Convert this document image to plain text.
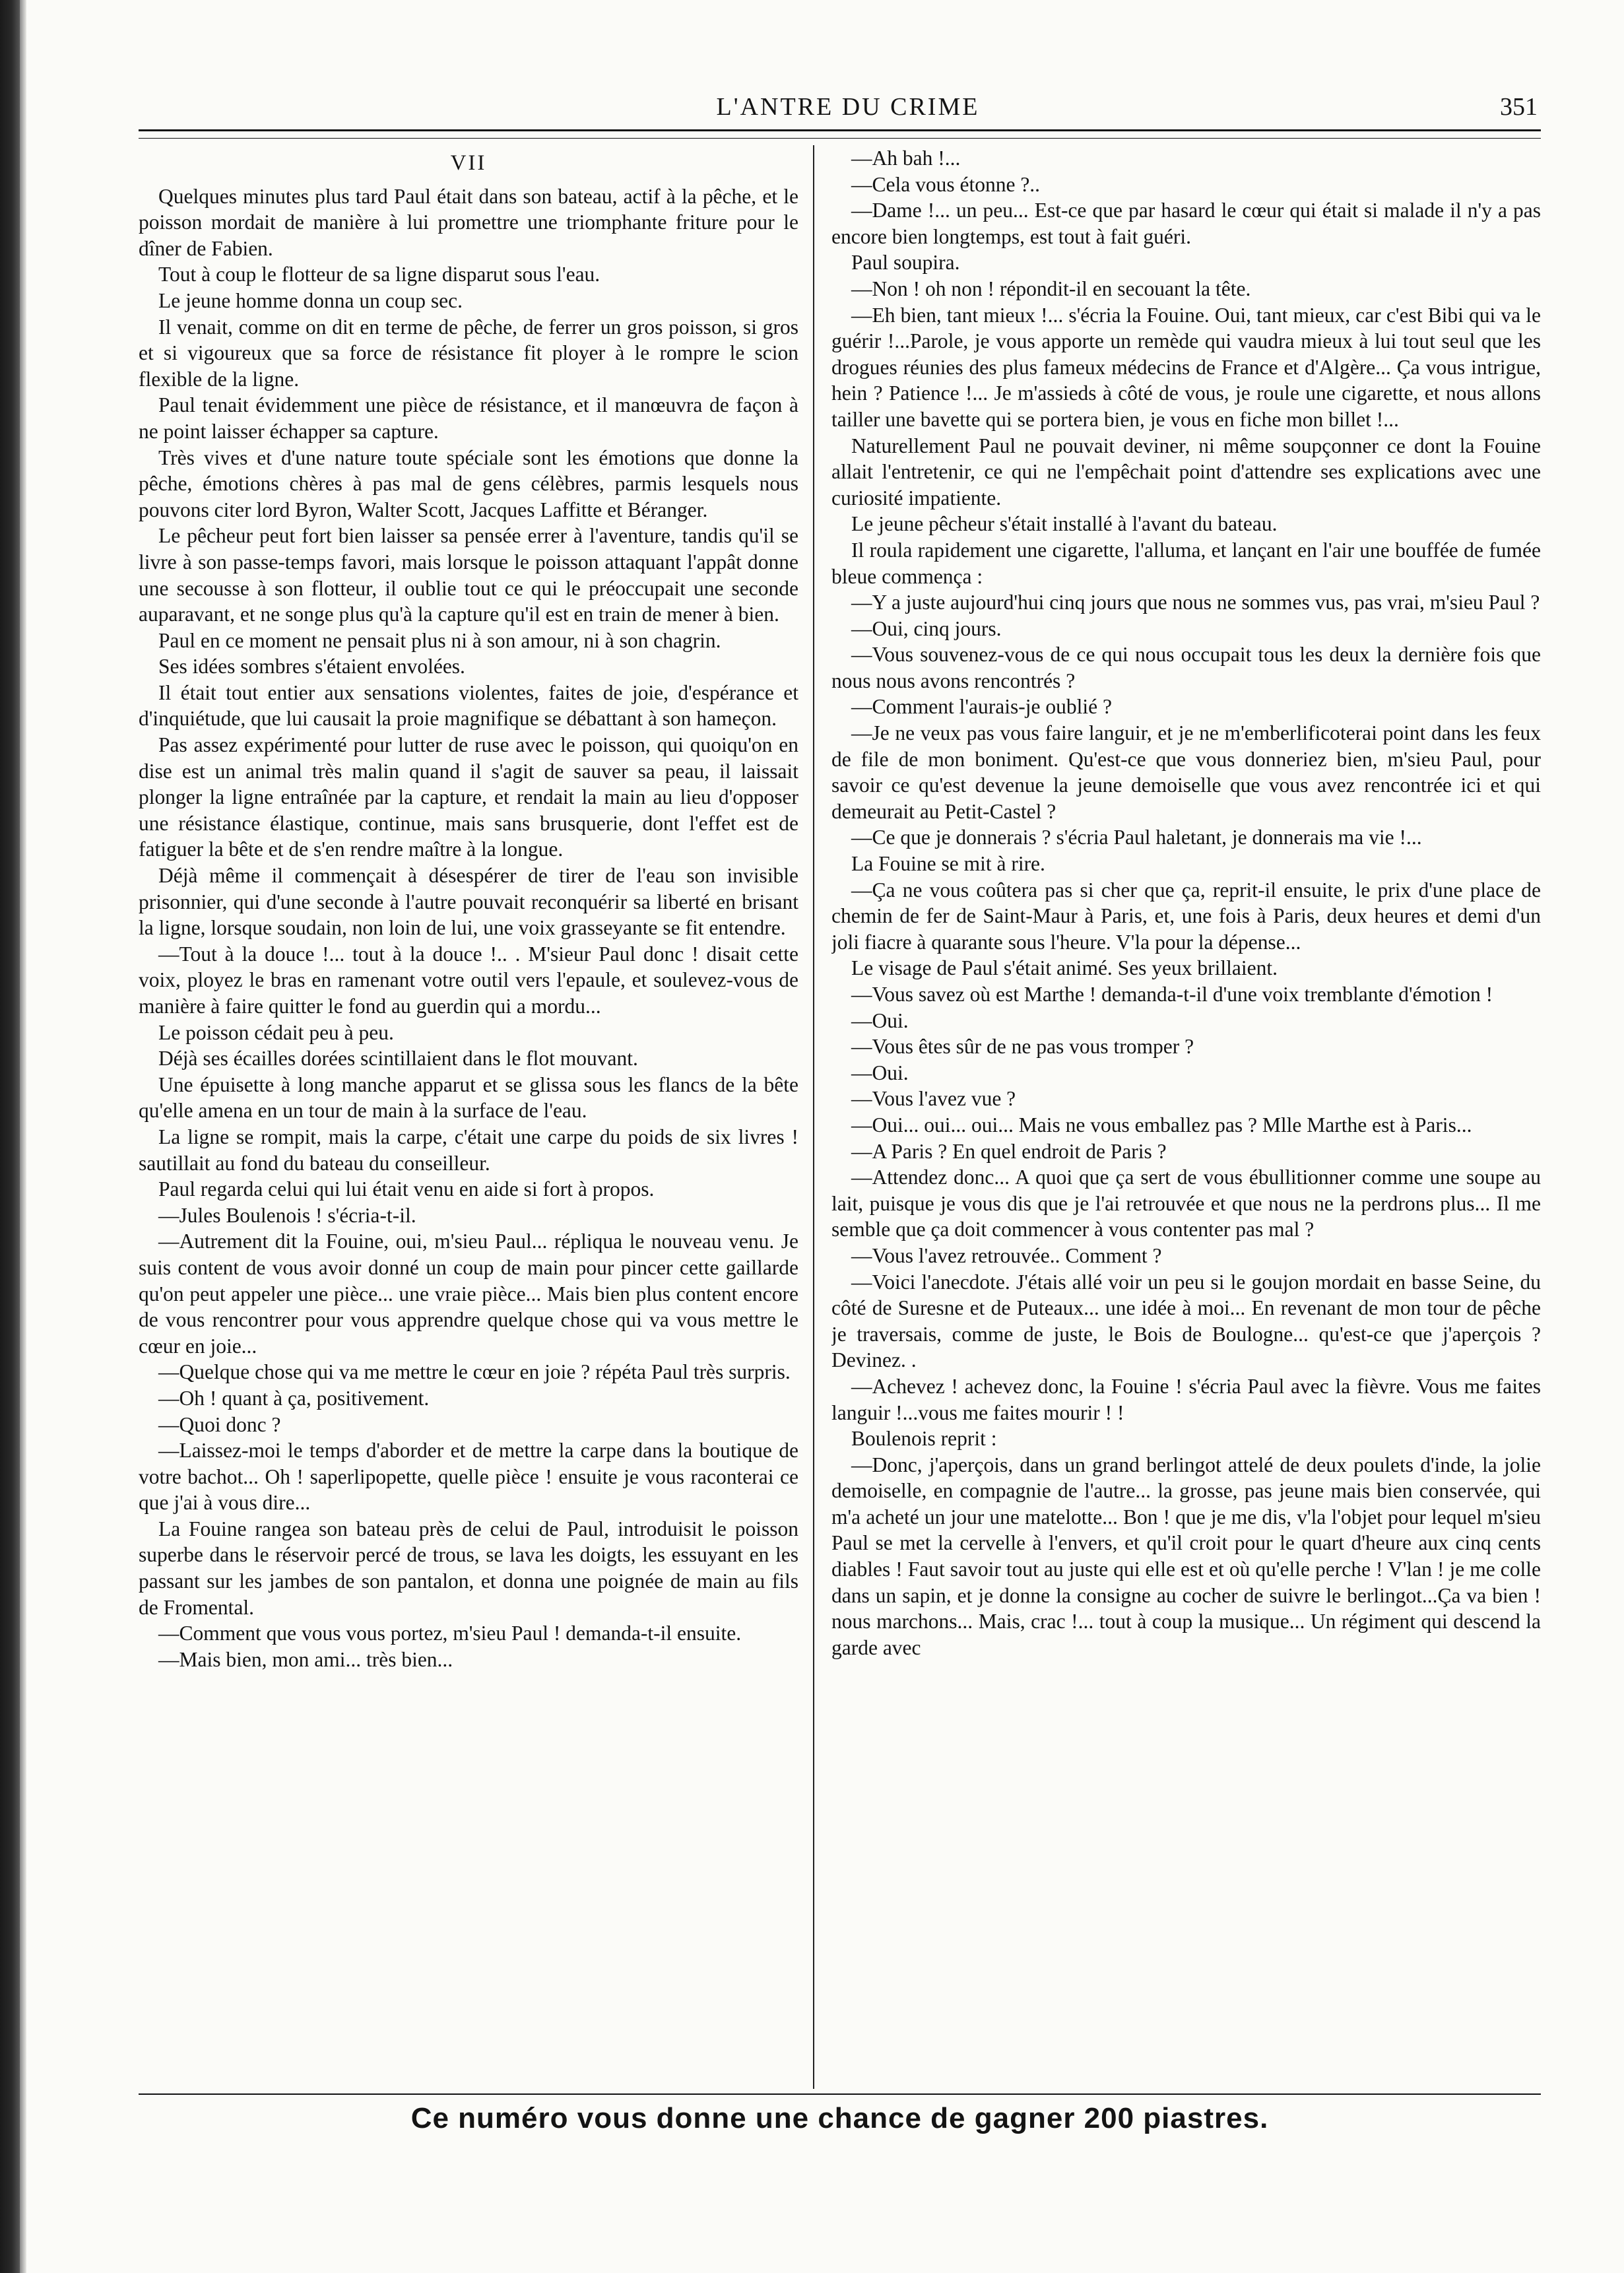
L'ANTRE DU CRIME	351
VII

Quelques minutes plus tard Paul était dans son bateau, actif à la pêche, et le poisson mordait de manière à lui promettre une triomphante friture pour le dîner de Fabien.

Tout à coup le flotteur de sa ligne disparut sous l'eau.

Le jeune homme donna un coup sec.

Il venait, comme on dit en terme de pêche, de ferrer un gros poisson, si gros et si vigoureux que sa force de résistance fit ployer à le rompre le scion flexible de la ligne.

Paul tenait évidemment une pièce de résistance, et il manœuvra de façon à ne point laisser échapper sa capture.

Très vives et d'une nature toute spéciale sont les émotions que donne la pêche, émotions chères à pas mal de gens célèbres, parmis lesquels nous pouvons citer lord Byron, Walter Scott, Jacques Laffitte et Béranger.

Le pêcheur peut fort bien laisser sa pensée errer à l'aventure, tandis qu'il se livre à son passe-temps favori, mais lorsque le poisson attaquant l'appât donne une secousse à son flotteur, il oublie tout ce qui le préoccupait une seconde auparavant, et ne songe plus qu'à la capture qu'il est en train de mener à bien.

Paul en ce moment ne pensait plus ni à son amour, ni à son chagrin.

Ses idées sombres s'étaient envolées.

Il était tout entier aux sensations violentes, faites de joie, d'espérance et d'inquiétude, que lui causait la proie magnifique se débattant à son hameçon.

Pas assez expérimenté pour lutter de ruse avec le poisson, qui quoiqu'on en dise est un animal très malin quand il s'agit de sauver sa peau, il laissait plonger la ligne entraînée par la capture, et rendait la main au lieu d'opposer une résistance élastique, continue, mais sans brusquerie, dont l'effet est de fatiguer la bête et de s'en rendre maître à la longue.

Déjà même il commençait à désespérer de tirer de l'eau son invisible prisonnier, qui d'une seconde à l'autre pouvait reconquérir sa liberté en brisant la ligne, lorsque soudain, non loin de lui, une voix grasseyante se fit entendre.

—Tout à la douce !... tout à la douce !.. . M'sieur Paul donc ! disait cette voix, ployez le bras en ramenant votre outil vers l'epaule, et soulevez-vous de manière à faire quitter le fond au guerdin qui a mordu...

Le poisson cédait peu à peu.

Déjà ses écailles dorées scintillaient dans le flot mouvant.

Une épuisette à long manche apparut et se glissa sous les flancs de la bête qu'elle amena en un tour de main à la surface de l'eau.

La ligne se rompit, mais la carpe, c'était une carpe du poids de six livres ! sautillait au fond du bateau du conseilleur.

Paul regarda celui qui lui était venu en aide si fort à propos.

—Jules Boulenois ! s'écria-t-il.

—Autrement dit la Fouine, oui, m'sieu Paul... répliqua le nouveau venu. Je suis content de vous avoir donné un coup de main pour pincer cette gaillarde qu'on peut appeler une pièce... une vraie pièce... Mais bien plus content encore de vous rencontrer pour vous apprendre quelque chose qui va vous mettre le cœur en joie...

—Quelque chose qui va me mettre le cœur en joie ? répéta Paul très surpris.

—Oh ! quant à ça, positivement.

—Quoi donc ?

—Laissez-moi le temps d'aborder et de mettre la carpe dans la boutique de votre bachot... Oh ! saperlipopette, quelle pièce ! ensuite je vous raconterai ce que j'ai à vous dire...

La Fouine rangea son bateau près de celui de Paul, introduisit le poisson superbe dans le réservoir percé de trous, se lava les doigts, les essuyant en les passant sur les jambes de son pantalon, et donna une poignée de main au fils de Fromental.

—Comment que vous vous portez, m'sieu Paul ! demanda-t-il ensuite.

—Mais bien, mon ami... très bien...

—Ah bah !...

—Cela vous étonne ?..

—Dame !... un peu... Est-ce que par hasard le cœur qui était si malade il n'y a pas encore bien longtemps, est tout à fait guéri.

Paul soupira.

—Non ! oh non ! répondit-il en secouant la tête.

—Eh bien, tant mieux !... s'écria la Fouine. Oui, tant mieux, car c'est Bibi qui va le guérir !...Parole, je vous apporte un remède qui vaudra mieux à lui tout seul que les drogues réunies des plus fameux médecins de France et d'Algère... Ça vous intrigue, hein ? Patience !... Je m'assieds à côté de vous, je roule une cigarette, et nous allons tailler une bavette qui se portera bien, je vous en fiche mon billet !...

Naturellement Paul ne pouvait deviner, ni même soupçonner ce dont la Fouine allait l'entretenir, ce qui ne l'empêchait point d'attendre ses explications avec une curiosité impatiente.

Le jeune pêcheur s'était installé à l'avant du bateau.

Il roula rapidement une cigarette, l'alluma, et lançant en l'air une bouffée de fumée bleue commença :

—Y a juste aujourd'hui cinq jours que nous ne sommes vus, pas vrai, m'sieu Paul ?

—Oui, cinq jours.

—Vous souvenez-vous de ce qui nous occupait tous les deux la dernière fois que nous nous avons rencontrés ?

—Comment l'aurais-je oublié ?

—Je ne veux pas vous faire languir, et je ne m'emberlificoterai point dans les feux de file de mon boniment. Qu'est-ce que vous donneriez bien, m'sieu Paul, pour savoir ce qu'est devenue la jeune demoiselle que vous avez rencontrée ici et qui demeurait au Petit-Castel ?

—Ce que je donnerais ? s'écria Paul haletant, je donnerais ma vie !...

La Fouine se mit à rire.

—Ça ne vous coûtera pas si cher que ça, reprit-il ensuite, le prix d'une place de chemin de fer de Saint-Maur à Paris, et, une fois à Paris, deux heures et demi d'un joli fiacre à quarante sous l'heure. V'la pour la dépense...

Le visage de Paul s'était animé. Ses yeux brillaient.

—Vous savez où est Marthe ! demanda-t-il d'une voix tremblante d'émotion !

—Oui.

—Vous êtes sûr de ne pas vous tromper ?

—Oui.

—Vous l'avez vue ?

—Oui... oui... oui... Mais ne vous emballez pas ? Mlle Marthe est à Paris...

—A Paris ? En quel endroit de Paris ?

—Attendez donc... A quoi que ça sert de vous ébullitionner comme une soupe au lait, puisque je vous dis que je l'ai retrouvée et que nous ne la perdrons plus... Il me semble que ça doit commencer à vous contenter pas mal ?

—Vous l'avez retrouvée.. Comment ?

—Voici l'anecdote. J'étais allé voir un peu si le goujon mordait en basse Seine, du côté de Suresne et de Puteaux... une idée à moi... En revenant de mon tour de pêche je traversais, comme de juste, le Bois de Boulogne... qu'est-ce que j'aperçois ? Devinez. .

—Achevez ! achevez donc, la Fouine ! s'écria Paul avec la fièvre. Vous me faites languir !...vous me faites mourir ! !

Boulenois reprit :

—Donc, j'aperçois, dans un grand berlingot attelé de deux poulets d'inde, la jolie demoiselle, en compagnie de l'autre... la grosse, pas jeune mais bien conservée, qui m'a acheté un jour une matelotte... Bon ! que je me dis, v'la l'objet pour lequel m'sieu Paul se met la cervelle à l'envers, et qu'il croit pour le quart d'heure aux cinq cents diables ! Faut savoir tout au juste qui elle est et où qu'elle perche ! V'lan ! je me colle dans un sapin, et je donne la consigne au cocher de suivre le berlingot...Ça va bien ! nous marchons... Mais, crac !... tout à coup la musique... Un régiment qui descend la garde avec

Ce numéro vous donne une chance de gagner 200 piastres.
